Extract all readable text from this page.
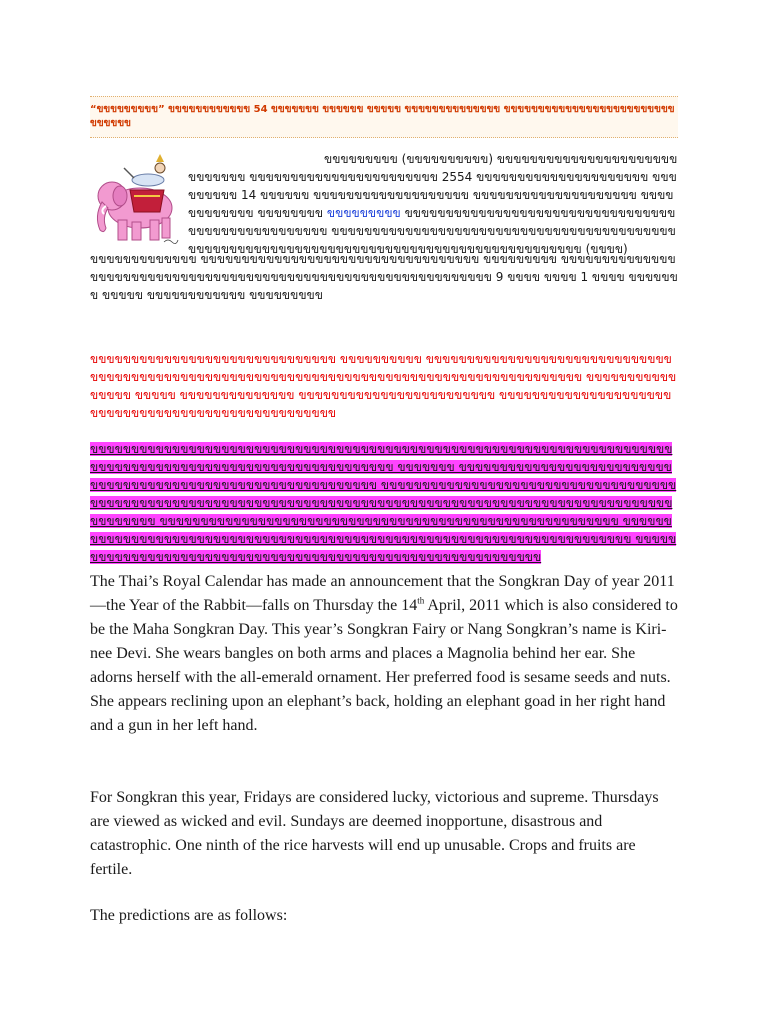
“ขขขขขขขขข” ขขขขขขขขขขขข 54 ขขขขขขข ขขขขขข ขขขขข ขขขขขขขขขขขขขข ขขขขขขขขขขขขขขขขขขขขขขขขขขขขขขข
ขขขขขขขขข (ขขขขขขขขขข) ขขขขขขขขขขขขขขขขขขขขขขขขขขขขข ขขขขขขขขขขขขขขขขขขขขขขข 2554 ขขขขขขขขขขขขขขขขขขขขข ขขขขขขขขข 14 ขขขขขข ขขขขขขขขขขขขขขขขขขข ขขขขขขขขขขขขขขขขขขขข ขขขขขขขขขขขข ขขขขขขขข ขขขขขขขขข ขขขขขขขขขขขขขขขขขขขขขขขขขขขขขขขขขขขขขขขขขขขขขขขขขข ขขขขขขขขขขขขขขขขขขขขขขขขขขขขขขขขขขขขขขขขขขขขขขขขขขขขขขขขขขขขขขขขขขขขขขขขขขขขขขขขขขขขขขขขขข (ขขขข)
ขขขขขขขขขขขขข ขขขขขขขขขขขขขขขขขขขขขขขขขขขขขขขขขข ขขขขขขขขข ขขขขขขขขขขขขขขขขขขขขขขขขขขขขขขขขขขขขขขขขขขขขขขขขขขขขขขขขขขขขขขข 9 ขขขข ขขขข 1 ขขขข ขขขขขขข ขขขขข ขขขขขขขขขขขข ขขขขขขขขข
ขขขขขขขขขขขขขขขขขขขขขขขขขขขขขข ขขขขขขขขขข ขขขขขขขขขขขขขขขขขขขขขขขขขขขขขขขขขขขขขขขขขขขขขขขขขขขขขขขขขขขขขขขขขขขขขขขขขขขขขขขขขขขขขขขขขข ขขขขขขขขขขขขขขขข ขขขขข ขขขขขขขขขขขขขข ขขขขขขขขขขขขขขขขขขขขขขขข ขขขขขขขขขขขขขขขขขขขขขขขขขขขขขขขขขขขขขขขขขขขขขขขขขขข
ขขขขขขขขขขขขขขขขขขขขขขขขขขขขขขขขขขขขขขขขขขขขขขขขขขขขขขขขขขขขขขขขขขขขขขขขขขขขขขขขขขขขขขขขขขขขขขขขขขขขขขขขขขขข ขขขขขขข ขขขขขขขขขขขขขขขขขขขขขขขขขขขขขขขขขขขขขขขขขขขขขขขขขขขขขขขขขขขขข ขขขขขขขขขขขขขขขขขขขขขขขขขขขขขขขขขขขขขขขขขขขขขขขขขขขขขขขขขขขขขขขขขขขขขขขขขขขขขขขขขขขขขขขขขขขขขขขขขขขขขขขขขขขขขขขขขขข ขขขขขขขขขขขขขขขขขขขขขขขขขขขขขขขขขขขขขขขขขขขขขขขขขขขขขขขข ขขขขขขขขขขขขขขขขขขขขขขขขขขขขขขขขขขขขขขขขขขขขขขขขขขขขขขขขขขขขขขขขขขขขขขขข ขขขขข ขขขขขขขขขขขขขขขขขขขขขขขขขขขขขขขขขขขขขขขขขขขขขขขขขขขขขขข
The Thai’s Royal Calendar has made an announcement that the Songkran Day of year 2011—the Year of the Rabbit—falls on Thursday the 14th April, 2011 which is also considered to be the Maha Songkran Day. This year’s Songkran Fairy or Nang Songkran’s name is Kiri-nee Devi. She wears bangles on both arms and places a Magnolia behind her ear. She adorns herself with the all-emerald ornament. Her preferred food is sesame seeds and nuts. She appears reclining upon an elephant’s back, holding an elephant goad in her right hand and a gun in her left hand.
For Songkran this year, Fridays are considered lucky, victorious and supreme. Thursdays are viewed as wicked and evil. Sundays are deemed inopportune, disastrous and catastrophic. One ninth of the rice harvests will end up unusable. Crops and fruits are fertile.
The predictions are as follows:
